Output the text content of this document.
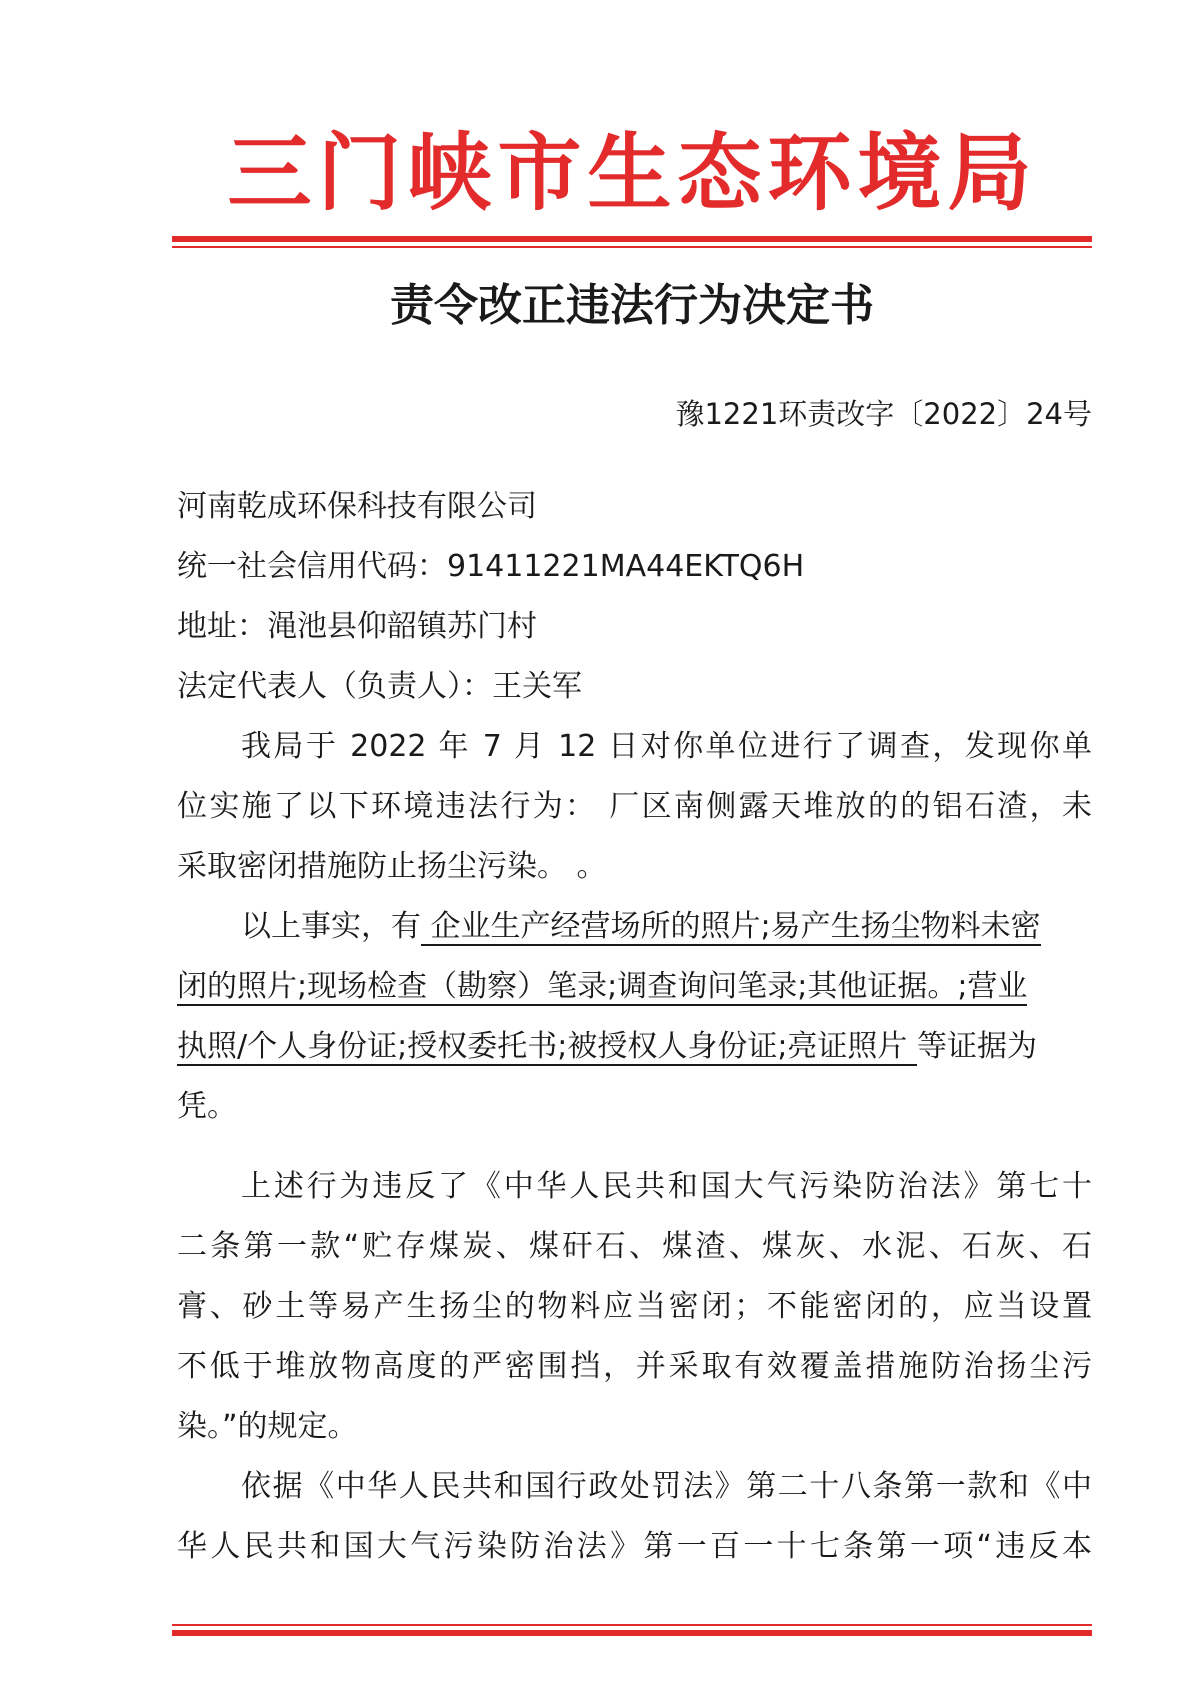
三门峡市生态环境局
责令改正违法行为决定书
豫1221环责改字〔2022〕24号
河南乾成环保科技有限公司
统一社会信用代码：91411221MA44EKTQ6H
地址：渑池县仰韶镇苏门村
法定代表人（负责人）：王关军
我局于 2022 年 7 月 12 日对你单位进行了调查，发现你单
位实施了以下环境违法行为： 厂区南侧露天堆放的的铝石渣，未
采取密闭措施防止扬尘污染。 。
以上事实，有 企业生产经营场所的照片;易产生扬尘物料未密
闭的照片;现场检查（勘察）笔录;调查询问笔录;其他证据。;营业
执照/个人身份证;授权委托书;被授权人身份证;亮证照片 等证据为
凭。
上述行为违反了《中华人民共和国大气污染防治法》第七十
二条第一款“贮存煤炭、煤矸石、煤渣、煤灰、水泥、石灰、石
膏、砂土等易产生扬尘的物料应当密闭；不能密闭的，应当设置
不低于堆放物高度的严密围挡，并采取有效覆盖措施防治扬尘污
染。”的规定。
依据《中华人民共和国行政处罚法》第二十八条第一款和《中
华人民共和国大气污染防治法》第一百一十七条第一项“违反本
